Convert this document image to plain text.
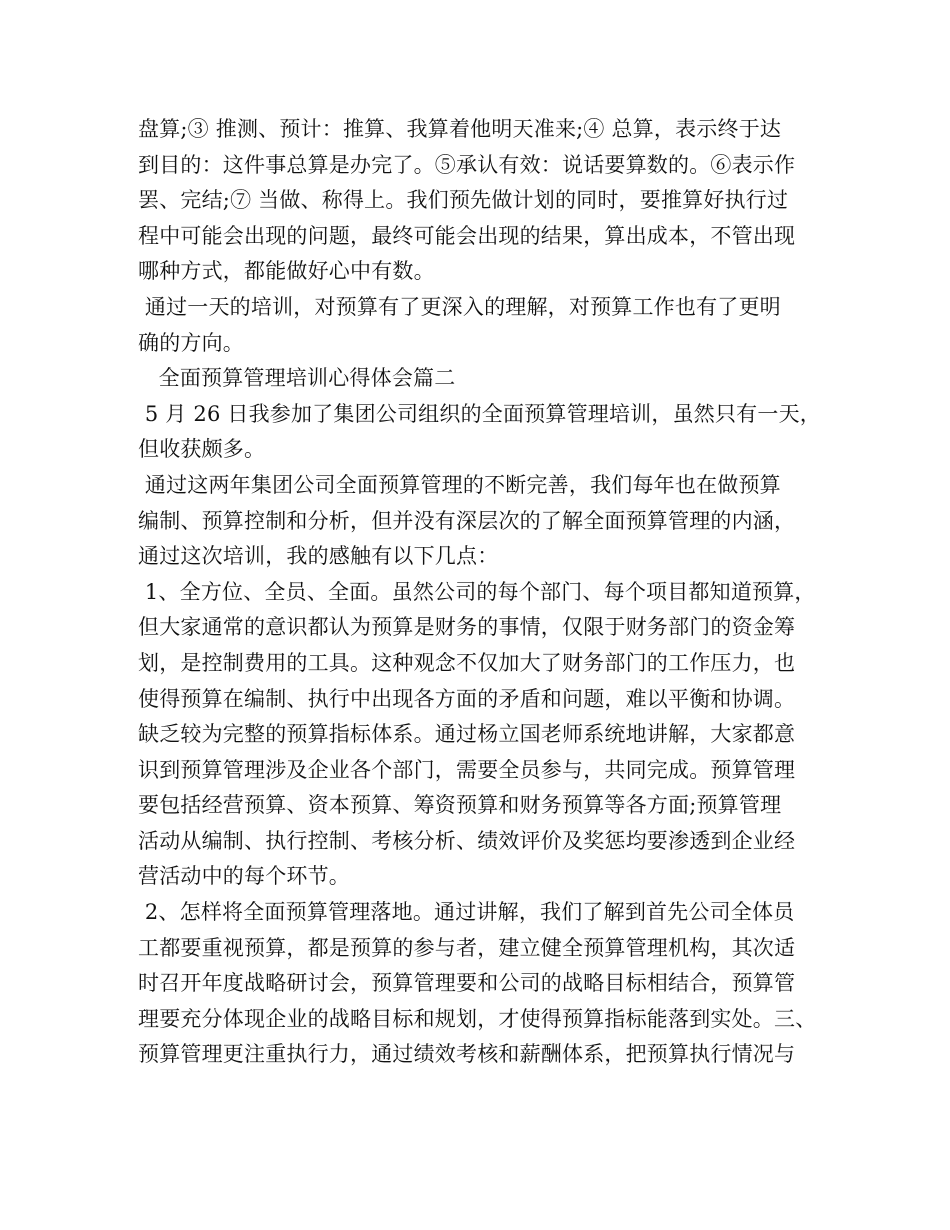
盘算;③ 推测、预计：推算、我算着他明天准来;④ 总算，表示终于达
到目的：这件事总算是办完了。⑤承认有效：说话要算数的。⑥表示作
罢、完结;⑦ 当做、称得上。我们预先做计划的同时，要推算好执行过
程中可能会出现的问题，最终可能会出现的结果，算出成本，不管出现
哪种方式，都能做好心中有数。
通过一天的培训，对预算有了更深入的理解，对预算工作也有了更明
确的方向。
全面预算管理培训心得体会篇二
5 月 26 日我参加了集团公司组织的全面预算管理培训，虽然只有一天，
但收获颇多。
通过这两年集团公司全面预算管理的不断完善，我们每年也在做预算
编制、预算控制和分析，但并没有深层次的了解全面预算管理的内涵，
通过这次培训，我的感触有以下几点：
1、全方位、全员、全面。虽然公司的每个部门、每个项目都知道预算，
但大家通常的意识都认为预算是财务的事情，仅限于财务部门的资金筹
划，是控制费用的工具。这种观念不仅加大了财务部门的工作压力，也
使得预算在编制、执行中出现各方面的矛盾和问题，难以平衡和协调。
缺乏较为完整的预算指标体系。通过杨立国老师系统地讲解，大家都意
识到预算管理涉及企业各个部门，需要全员参与，共同完成。预算管理
要包括经营预算、资本预算、筹资预算和财务预算等各方面;预算管理
活动从编制、执行控制、考核分析、绩效评价及奖惩均要渗透到企业经
营活动中的每个环节。
2、怎样将全面预算管理落地。通过讲解，我们了解到首先公司全体员
工都要重视预算，都是预算的参与者，建立健全预算管理机构，其次适
时召开年度战略研讨会，预算管理要和公司的战略目标相结合，预算管
理要充分体现企业的战略目标和规划，才使得预算指标能落到实处。三、
预算管理更注重执行力，通过绩效考核和薪酬体系，把预算执行情况与
